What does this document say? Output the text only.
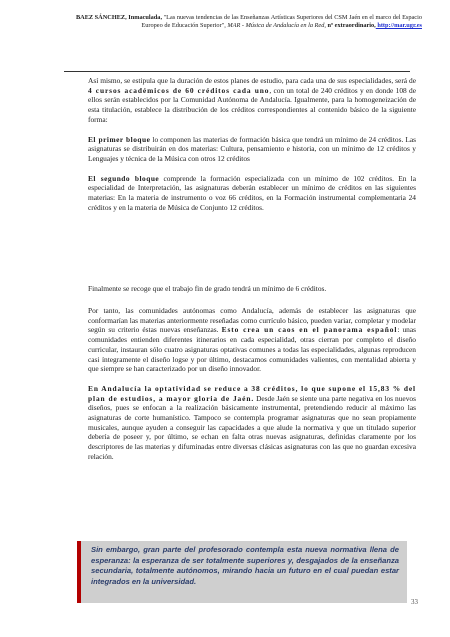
BAEZ SÁNCHEZ, Inmaculada, "Las nuevas tendencias de las Enseñanzas Artísticas Superiores del CSM Jaén en el marco del Espacio Europeo de Educación Superior", MAR - Música de Andalucía en la Red, nº extraordinario, http://mar.ugr.es

Así mismo, se estipula que la duración de estos planes de estudio, para cada una de sus especialidades, será de 4 cursos académicos de 60 créditos cada uno, con un total de 240 créditos y en donde 108 de ellos serán establecidos por la Comunidad Autónoma de Andalucía. Igualmente, para la homogeneización de esta titulación, establece la distribución de los créditos correspondientes al contenido básico de la siguiente forma:

El primer bloque lo componen las materias de formación básica que tendrá un mínimo de 24 créditos. Las asignaturas se distribuirán en dos materias: Cultura, pensamiento e historia, con un mínimo de 12 créditos y Lenguajes y técnica de la Música con otros 12 créditos

El segundo bloque comprende la formación especializada con un mínimo de 102 créditos. En la especialidad de Interpretación, las asignaturas deberán establecer un mínimo de créditos en las siguientes materias: En la materia de instrumento o voz 66 créditos, en la Formación instrumental complementaria 24 créditos y en la materia de Música de Conjunto 12 créditos.

Finalmente se recoge que el trabajo fin de grado tendrá un mínimo de 6 créditos.

Por tanto, las comunidades autónomas como Andalucía, además de establecer las asignaturas que conformarían las materias anteriormente reseñadas como currículo básico, pueden variar, completar y modelar según su criterio éstas nuevas enseñanzas. Esto crea un caos en el panorama español: unas comunidades entienden diferentes itinerarios en cada especialidad, otras cierran por completo el diseño curricular, instauran sólo cuatro asignaturas optativas comunes a todas las especialidades, algunas reproducen casi íntegramente el diseño logse y por último, destacamos comunidades valientes, con mentalidad abierta y que siempre se han caracterizado por un diseño innovador.

En Andalucía la optatividad se reduce a 38 créditos, lo que supone el 15,83 % del plan de estudios, a mayor gloria de Jaén. Desde Jaén se siente una parte negativa en los nuevos diseños, pues se enfocan a la realización básicamente instrumental, pretendiendo reducir al máximo las asignaturas de corte humanístico. Tampoco se contempla programar asignaturas que no sean propiamente musicales, aunque ayuden a conseguir las capacidades a que alude la normativa y que un titulado superior debería de poseer y, por último, se echan en falta otras nuevas asignaturas, definidas claramente por los descriptores de las materias y difuminadas entre diversas clásicas asignaturas con las que no guardan excesiva relación.

Sin embargo, gran parte del profesorado contempla esta nueva normativa llena de esperanza: la esperanza de ser totalmente superiores y, desgajados de la enseñanza secundaria, totalmente autónomos, mirando hacia un futuro en el cual puedan estar integrados en la universidad.
33
